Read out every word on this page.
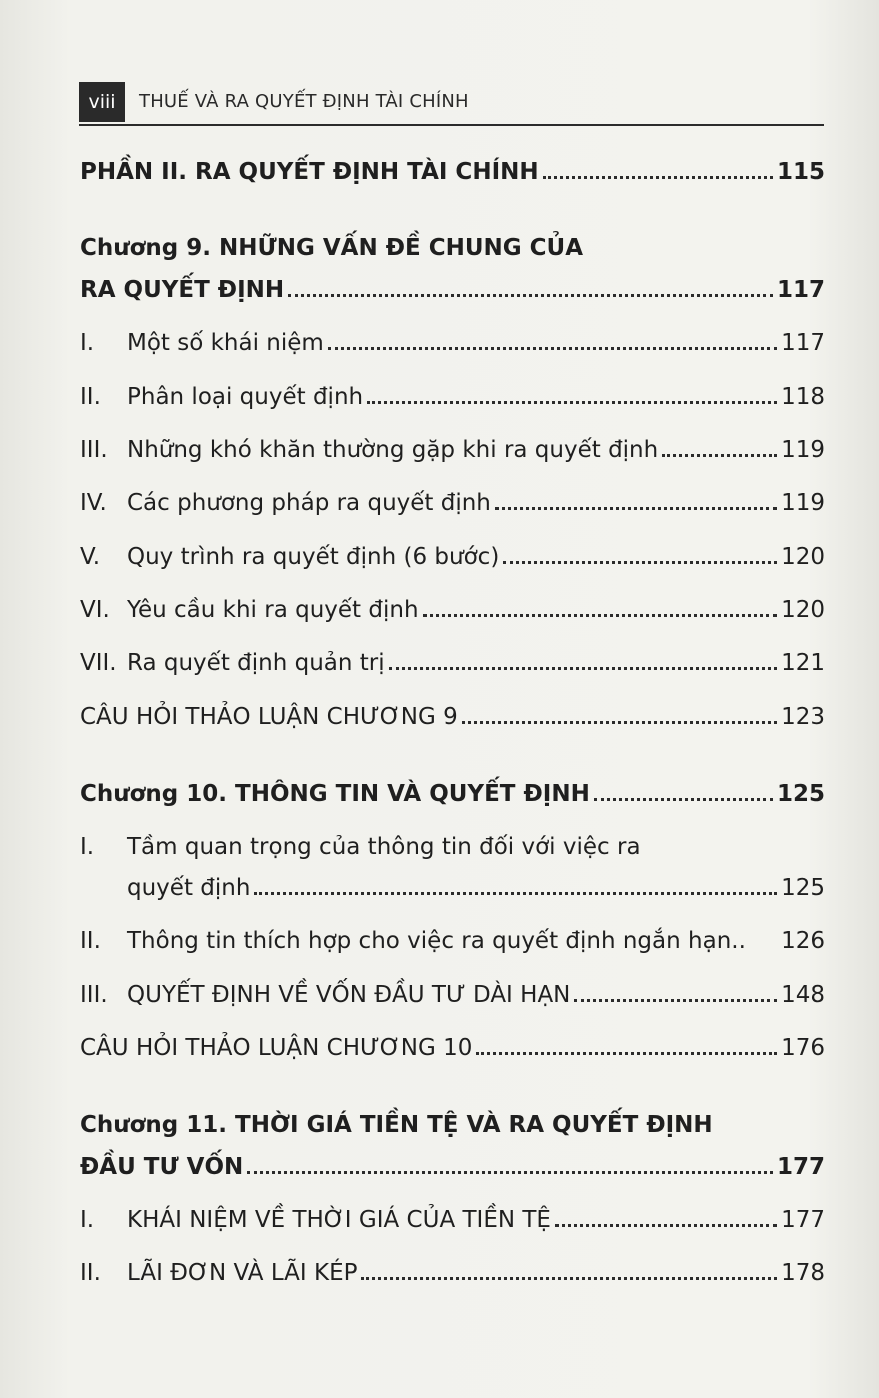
viii	THUẾ VÀ RA QUYẾT ĐỊNH TÀI CHÍNH
PHẦN II. RA QUYẾT ĐỊNH TÀI CHÍNH	115
Chương 9. NHỮNG VẤN ĐỀ CHUNG CỦA
RA QUYẾT ĐỊNH	117
I.	Một số khái niệm	117
II.	Phân loại quyết định	118
III. Những khó khăn thường gặp khi ra quyết định	119
IV. Các phương pháp ra quyết định	119
V.	Quy trình ra quyết định (6 bước)	120
VI. Yêu cầu khi ra quyết định	120
VII. Ra quyết định quản trị	121
CÂU HỎI THẢO LUẬN CHƯƠNG 9	123
Chương 10. THÔNG TIN VÀ QUYẾT ĐỊNH	125
I.	Tầm quan trọng của thông tin đối với việc ra
quyết định	125
II.	Thông tin thích hợp cho việc ra quyết định ngắn hạn.. 126
III. QUYẾT ĐỊNH VỀ VỐN ĐẦU TƯ DÀI HẠN	148
CÂU HỎI THẢO LUẬN CHƯƠNG 10	176
Chương 11. THỜI GIÁ TIỀN TỆ VÀ RA QUYẾT ĐỊNH
ĐẦU TƯ VỐN	177
I.	KHÁI NIỆM VỀ THỜI GIÁ CỦA TIỀN TỆ	177
II.	LÃI ĐƠN VÀ LÃI KÉP	178
